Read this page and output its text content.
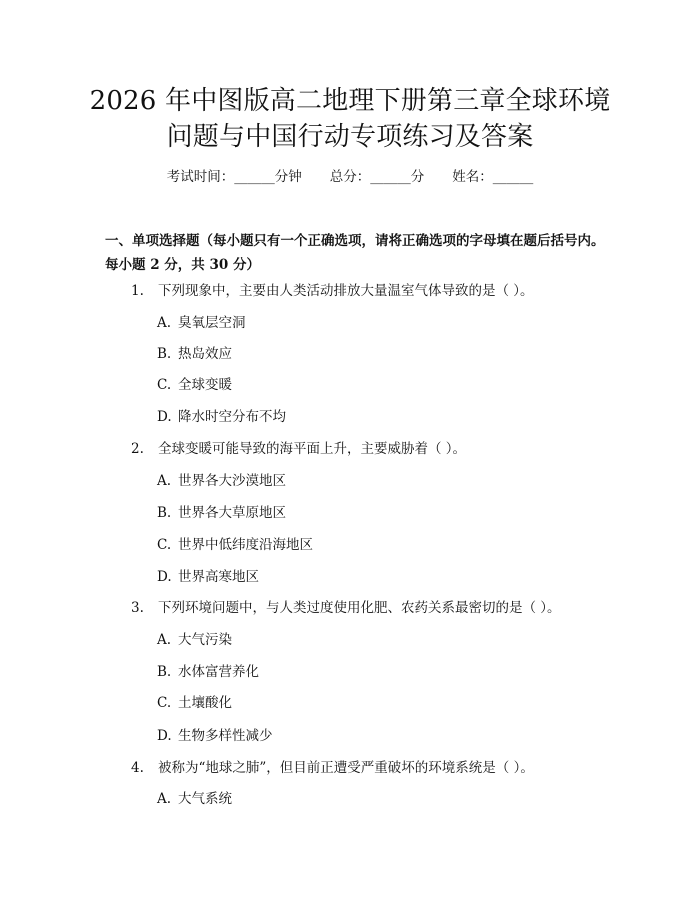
2026 年中图版高二地理下册第三章全球环境
问题与中国行动专项练习及答案
考试时间：______分钟 总分：______分 姓名：______

一、单项选择题（每小题只有一个正确选项，请将正确选项的字母填在题后括号内。每小题 2 分，共 30 分）

1. 下列现象中，主要由人类活动排放大量温室气体导致的是（ ）。
A. 臭氧层空洞
B. 热岛效应
C. 全球变暖
D. 降水时空分布不均
2. 全球变暖可能导致的海平面上升，主要威胁着（ ）。
A. 世界各大沙漠地区
B. 世界各大草原地区
C. 世界中低纬度沿海地区
D. 世界高寒地区
3. 下列环境问题中，与人类过度使用化肥、农药关系最密切的是（ ）。
A. 大气污染
B. 水体富营养化
C. 土壤酸化
D. 生物多样性减少
4. 被称为“地球之肺”，但目前正遭受严重破坏的环境系统是（ ）。
A. 大气系统
